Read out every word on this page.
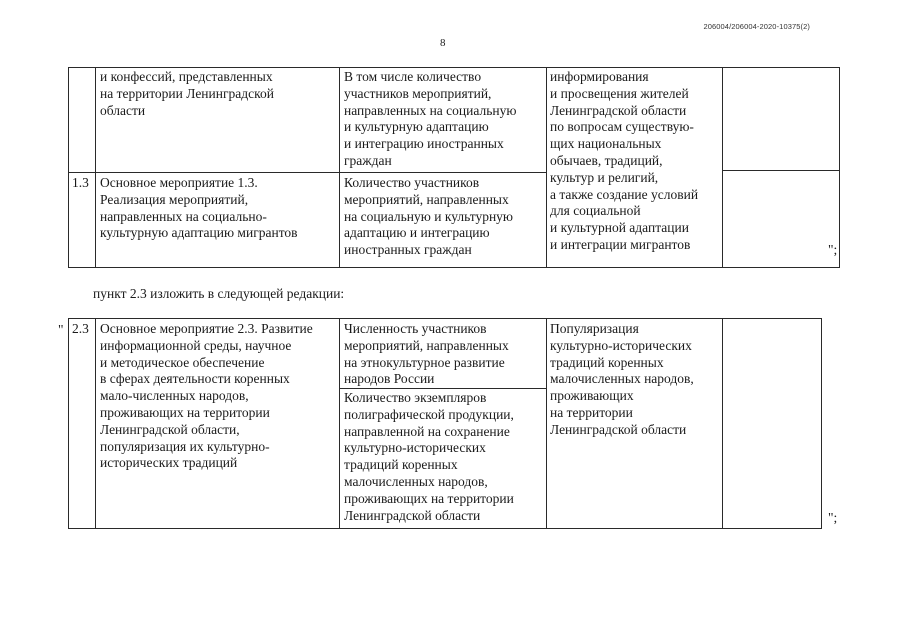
206004/206004-2020-10375(2)
8
и конфессий, представленных
на территории Ленинградской
области
В том числе количество
участников мероприятий,
направленных на социальную
и культурную адаптацию
и интеграцию иностранных
граждан
информирования
и просвещения жителей
Ленинградской области
по вопросам существую-
щих национальных
обычаев, традиций,
культур и религий,
а также создание условий
для социальной
и культурной адаптации
и интеграции мигрантов
1.3 Основное мероприятие 1.3.
Реализация мероприятий,
направленных на социально-
культурную адаптацию мигрантов
Количество участников
мероприятий, направленных
на социальную и культурную
адаптацию и интеграцию
иностранных граждан	";
пункт 2.3 изложить в следующей редакции:
" 2.3 Основное мероприятие 2.3. Развитие
информационной среды, научное
и методическое обеспечение
в сферах деятельности коренных
мало-численных народов,
проживающих на территории
Ленинградской области,
популяризация их культурно-
исторических традиций
Численность участников
мероприятий, направленных
на этнокультурное развитие
народов России
Количество экземпляров
полиграфической продукции,
направленной на сохранение
культурно-исторических
традиций коренных
малочисленных народов,
проживающих на территории
Ленинградской области
Популяризация
культурно-исторических
традиций коренных
малочисленных народов,
проживающих
на территории
Ленинградской области
";
